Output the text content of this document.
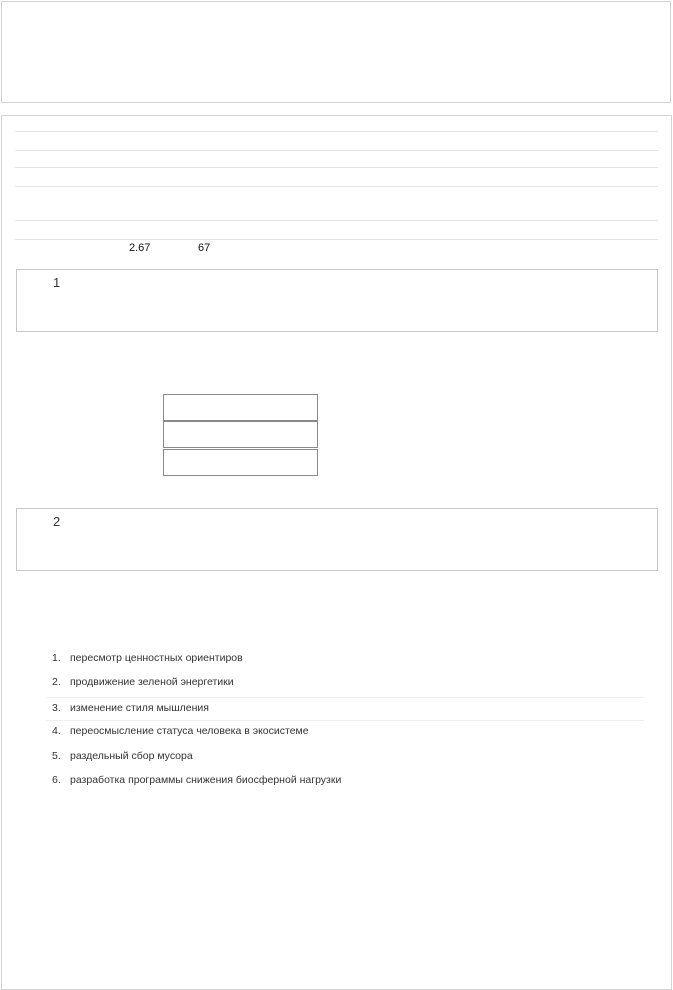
2.67	67
1
2
1. пересмотр ценностных ориентиров
2. продвижение зеленой энергетики
3. изменение стиля мышления
4. переосмысление статуса человека в экосистеме
5. раздельный сбор мусора
6. разработка программы снижения биосферной нагрузки
